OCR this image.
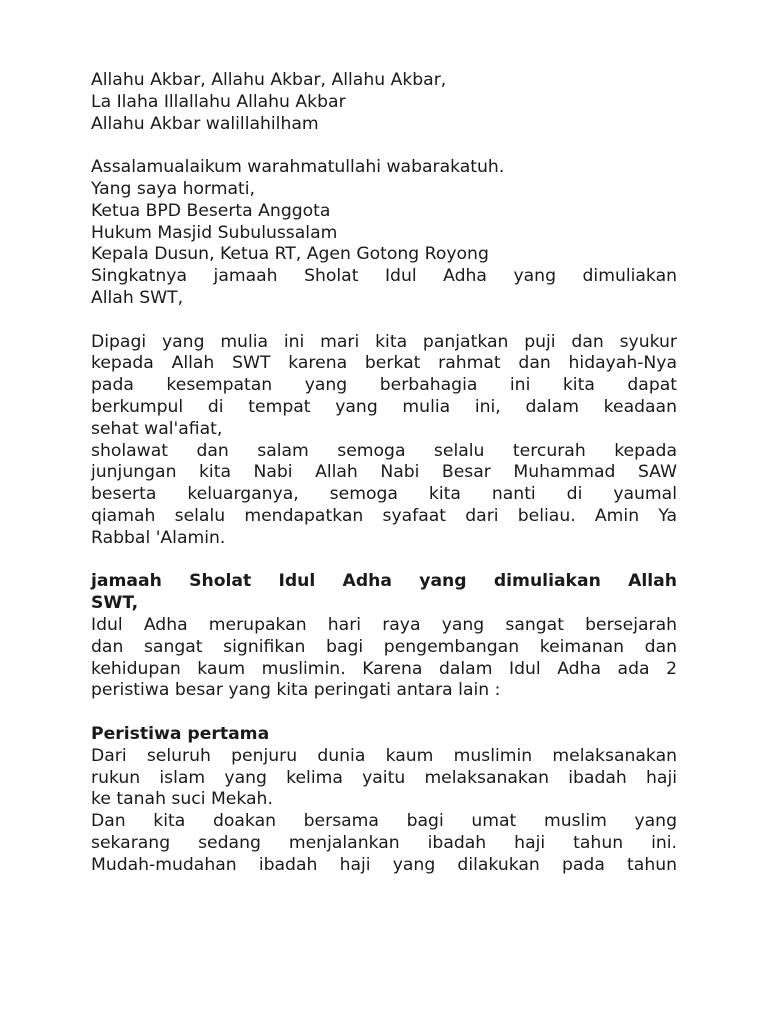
Allahu Akbar, Allahu Akbar, Allahu Akbar,
La Ilaha Illallahu Allahu Akbar
Allahu Akbar walillahilham
Assalamualaikum warahmatullahi wabarakatuh.
Yang saya hormati,
Ketua BPD Beserta Anggota
Hukum Masjid Subulussalam
Kepala Dusun, Ketua RT, Agen Gotong Royong
Singkatnya jamaah Sholat Idul Adha yang dimuliakan
Allah SWT,
Dipagi yang mulia ini mari kita panjatkan puji dan syukur
kepada Allah SWT karena berkat rahmat dan hidayah-Nya
pada kesempatan yang berbahagia ini kita dapat
berkumpul di tempat yang mulia ini, dalam keadaan
sehat wal'afiat,
sholawat dan salam semoga selalu tercurah kepada
junjungan kita Nabi Allah Nabi Besar Muhammad SAW
beserta keluarganya, semoga kita nanti di yaumal
qiamah selalu mendapatkan syafaat dari beliau. Amin Ya
Rabbal 'Alamin.
jamaah Sholat Idul Adha yang dimuliakan Allah
SWT,
Idul Adha merupakan hari raya yang sangat bersejarah
dan sangat signifikan bagi pengembangan keimanan dan
kehidupan kaum muslimin. Karena dalam Idul Adha ada 2
peristiwa besar yang kita peringati antara lain :
Peristiwa pertama
Dari seluruh penjuru dunia kaum muslimin melaksanakan
rukun islam yang kelima yaitu melaksanakan ibadah haji
ke tanah suci Mekah.
Dan kita doakan bersama bagi umat muslim yang
sekarang sedang menjalankan ibadah haji tahun ini.
Mudah-mudahan ibadah haji yang dilakukan pada tahun
